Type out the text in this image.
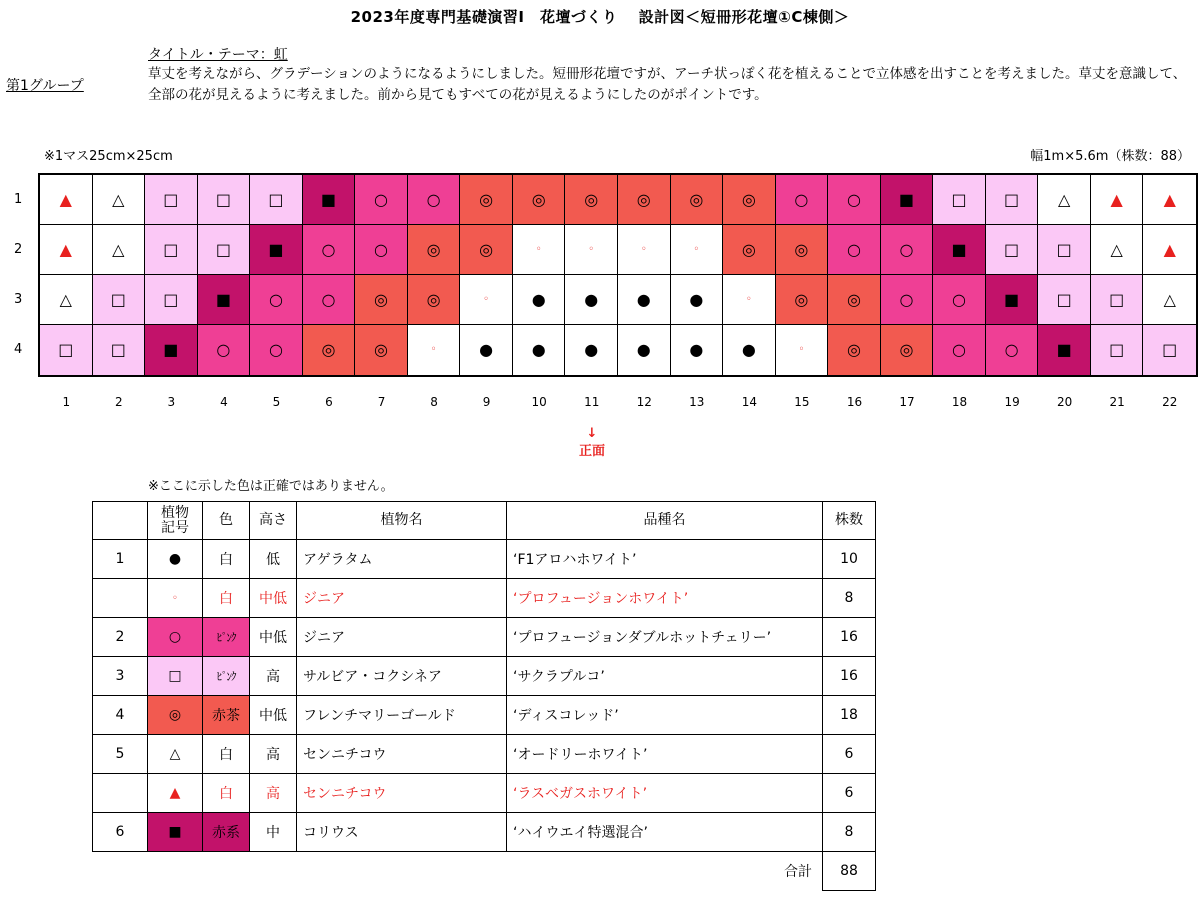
2023年度専門基礎演習Ⅰ　花壇づくり　 設計図＜短冊形花壇①C棟側＞
タイトル・テーマ：虹
第1グループ
草丈を考えながら、グラデーションのようになるようにしました。短冊形花壇ですが、アーチ状っぽく花を植えることで立体感を出すことを考えました。草丈を意識して、全部の花が見えるように考えました。前から見てもすべての花が見えるようにしたのがポイントです。
※1マス25cm×25cm	幅1m×5.6m（株数：88）
▲	△	□	□	□	■	○	○	◎	◎	◎	◎	◎	◎	○	○	■	□	□	△	▲	▲
▲	△	□	□	■	○	○	◎	◎	◦	◦	◦	◦	◎	◎	○	○	■	□	□	△	▲
△	□	□	■	○	○	◎	◎	◦	●	●	●	●	◦	◎	◎	○	○	■	□	□	△
□	□	■	○	○	◎	◎	◦	●	●	●	●	●	●	◦	◎	◎	○	○	■	□	□
1
2
3
4
1	2	3	4	5	6	7	8	9	10	11	12	13	14	15	16	17	18	19	20	21	22
↓
正面
※ここに示した色は正確ではありません。

	植物記号	色	高さ	植物名	品種名	株数
1	●	白	低	アゲラタム	‘F1アロハホワイト’	10
	◦	白	中低	ジニア	‘プロフュージョンホワイト’	8
2	○	ﾋﾟﾝｸ	中低	ジニア	‘プロフュージョンダブルホットチェリー’	16
3	□	ﾋﾟﾝｸ	高	サルビア・コクシネア	‘サクラプルコ’	16
4	◎	赤茶	中低	フレンチマリーゴールド	‘ディスコレッド’	18
5	△	白	高	センニチコウ	‘オードリーホワイト’	6
	▲	白	高	センニチコウ	‘ラスベガスホワイト’	6
6	■	赤系	中	コリウス	‘ハイウエイ特選混合’	8
					合計	88
